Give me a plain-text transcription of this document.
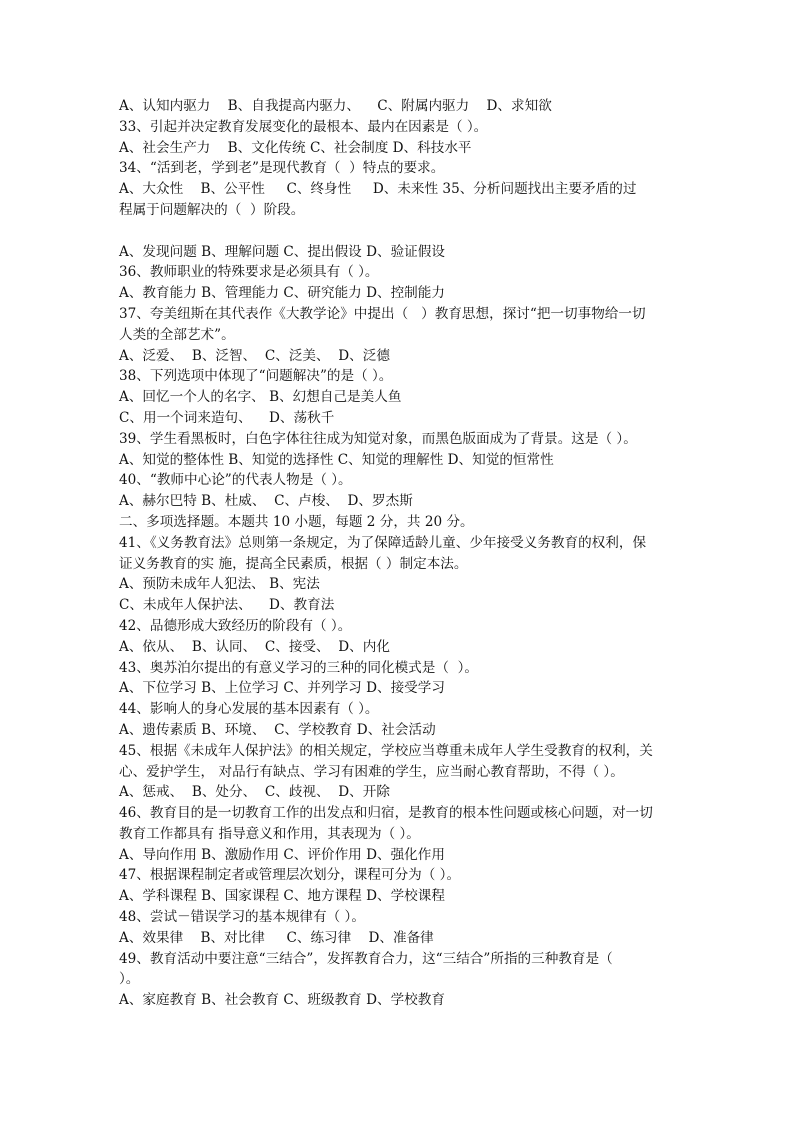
A、认知内驱力    B、自我提高内驱力、    C、附属内驱力    D、求知欲
33、引起并决定教育发展变化的最根本、最内在因素是（ ）。
A、社会生产力    B、文化传统 C、社会制度 D、科技水平
34、“活到老，学到老”是现代教育（  ）特点的要求。
A、大众性    B、公平性     C、终身性     D、未来性 35、分析问题找出主要矛盾的过
程属于问题解决的（  ）阶段。
A、发现问题 B、理解问题 C、提出假设 D、验证假设
36、教师职业的特殊要求是必须具有（ ）。
A、教育能力 B、管理能力 C、研究能力 D、控制能力
37、夸美纽斯在其代表作《大教学论》中提出（   ）教育思想，探讨“把一切事物给一切
人类的全部艺术”。
A、泛爱、  B、泛智、  C、泛美、  D、泛德
38、下列选项中体现了“问题解决”的是（ ）。
A、回忆一个人的名字、 B、幻想自己是美人鱼
C、用一个词来造句、    D、荡秋千
39、学生看黑板时，白色字体往往成为知觉对象，而黑色版面成为了背景。这是（ ）。
A、知觉的整体性 B、知觉的选择性 C、知觉的理解性 D、知觉的恒常性
40、“教师中心论”的代表人物是（ ）。
A、赫尔巴特 B、杜威、  C、卢梭、  D、罗杰斯
二、多项选择题。本题共 10 小题，每题 2 分，共 20 分。
41、《义务教育法》总则第一条规定，为了保障适龄儿童、少年接受义务教育的权利，保
证义务教育的实 施，提高全民素质，根据（ ）制定本法。
A、预防未成年人犯法、 B、宪法
C、未成年人保护法、    D、教育法
42、品德形成大致经历的阶段有（ ）。
A、依从、  B、认同、  C、接受、  D、内化
43、奥苏泊尔提出的有意义学习的三种的同化模式是（  ）。
A、下位学习 B、上位学习 C、并列学习 D、接受学习
44、影响人的身心发展的基本因素有（ ）。
A、遗传素质 B、环境、  C、学校教育 D、社会活动
45、根据《未成年人保护法》的相关规定，学校应当尊重未成年人学生受教育的权利，关
心、爱护学生， 对品行有缺点、学习有困难的学生，应当耐心教育帮助，不得（ ）。
A、惩戒、  B、处分、  C、歧视、  D、开除
46、教育目的是一切教育工作的出发点和归宿，是教育的根本性问题或核心问题，对一切
教育工作都具有 指导意义和作用，其表现为（ ）。
A、导向作用 B、激励作用 C、评价作用 D、强化作用
47、根据课程制定者或管理层次划分，课程可分为（ ）。
A、学科课程 B、国家课程 C、地方课程 D、学校课程
48、尝试－错误学习的基本规律有（ ）。
A、效果律    B、对比律     C、练习律    D、准备律
49、教育活动中要注意“三结合”，发挥教育合力，这“三结合”所指的三种教育是（
）。
A、家庭教育 B、社会教育 C、班级教育 D、学校教育
